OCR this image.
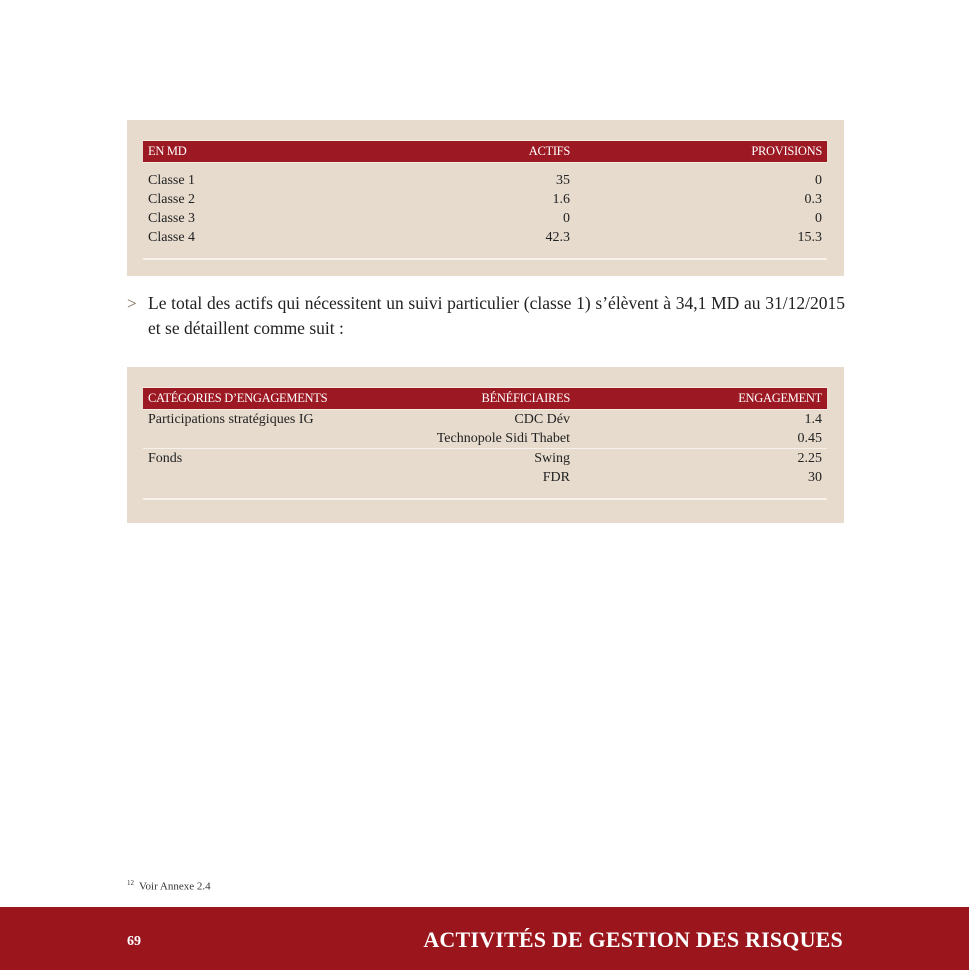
EN MD	ACTIFS	PROVISIONS

Classe 1	35	0
Classe 2	1.6	0.3
Classe 3	0	0
Classe 4	42.3	15.3

> Le total des actifs qui nécessitent un suivi particulier (classe 1) s’élèvent à 34,1 MD au 31/12/2015 et se détaillent comme suit :
CATÉGORIES D’ENGAGEMENTS	BÉNÉFICIAIRES	ENGAGEMENT
Participations stratégiques IG	CDC Dév	1.4
	Technopole Sidi Thabet	0.45
Fonds	Swing	2.25
	FDR	30

$^{12}$ Voir Annexe 2.4
69	ACTIVITÉS DE GESTION DES RISQUES
